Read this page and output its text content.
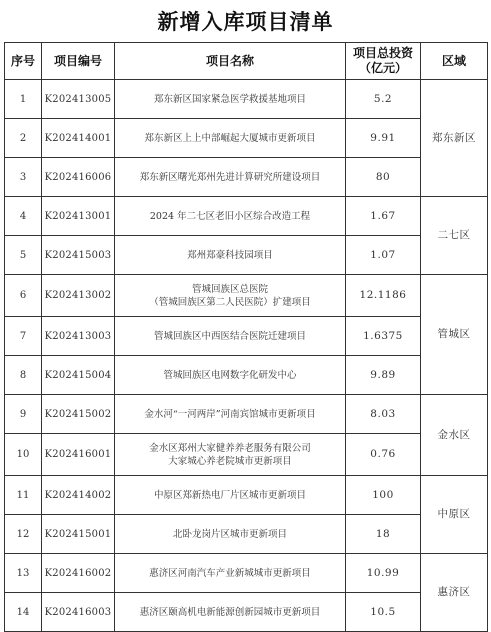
新增入库项目清单
序号	项目编号	项目名称	项目总投资
（亿元）	区域
1	K202413005	郑东新区国家紧急医学救援基地项目	5.2	郑东新区
2	K202414001	郑东新区上上中部崛起大厦城市更新项目	9.91	
3	K202416006	郑东新区曙光郑州先进计算研究所建设项目	80	
4	K202413001	2024 年二七区老旧小区综合改造工程	1.67	二七区
5	K202415003	郑州郑豪科技园项目	1.07	
6	K202413002	管城回族区总医院
（管城回族区第二人民医院）扩建项目	12.1186	管城区
7	K202413003	管城回族区中西医结合医院迁建项目	1.6375	
8	K202415004	管城回族区电网数字化研发中心	9.89	
9	K202415002	金水河“一河两岸”河南宾馆城市更新项目	8.03	金水区
10	K202416001	金水区郑州大家健养养老服务有限公司
大家城心养老院城市更新项目	0.76	
11	K202414002	中原区郑新热电厂片区城市更新项目	100	中原区
12	K202415001	北卧龙岗片区城市更新项目	18	
13	K202416002	惠济区河南汽车产业新城城市更新项目	10.99	惠济区
14	K202416003	惠济区颐高机电新能源创新园城市更新项目	10.5	
